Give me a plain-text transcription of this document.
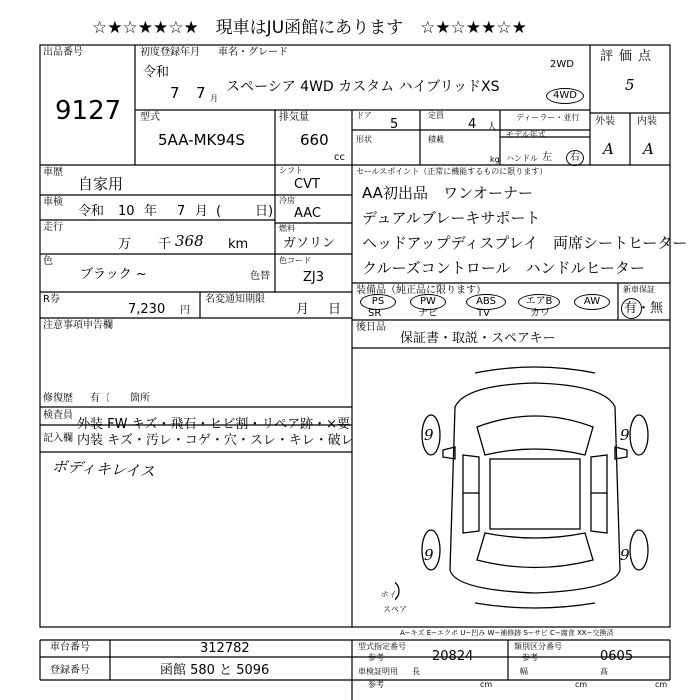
☆★☆★★☆★　現車はJU函館にあります　☆★☆★★☆★
出品番号
9127
初度登録年月 車名・グレード
令和
7 7 月
スペーシア 4WD カスタム ハイブリッドXS
2WD
4WD
評価点
5
外装 内装
A A
型式
5AA-MK94S
排気量
660
cc
ドア
5
定員
4 人
形状	積載
kg
ディーラー・並行
モデル年式
ハンドル 左	右
車歴
自家用
車検
令和 10 年 7 月 (	日)
走行
万 千 368 km
色
ブラック ~	色替
シフト
CVT
冷房
AAC
燃料
ガソリン
色コード
ZJ3
R券
7,230 円
名変通知期限
月 日
注意事項申告欄
修復歴 有〔 箇所
検査員
記入欄
外装 FW キズ・飛石・ヒビ割・リペア跡・×要
内装 キズ・汚レ・コゲ・穴・スレ・キレ・破レ
ボディキレイス
セールスポイント（正常に機能するものに限ります）
AA初出品　ワンオーナー
デュアルブレーキサポート
ヘッドアップディスプレイ　両席シートヒーター
クルーズコントロール　ハンドルヒーター
装備品（純正品に限ります）
PS	PW	ABS	エアB	AW
SR	ナビ	TV	カワ
新車保証
有・無
後日品
保証書・取説・スペアキー
9	9
9	9
ホイ
スペア
A−キズ E−エクボ U−凹み W−補修跡 S−サビ C−腐食 XX−交換済
車台番号	312782
登録番号	函館 580 と 5096
型式指定番号
参考	20824
類別区分番号
参考	0605
車検証明用
参考
長
cm
幅
cm
高
cm
